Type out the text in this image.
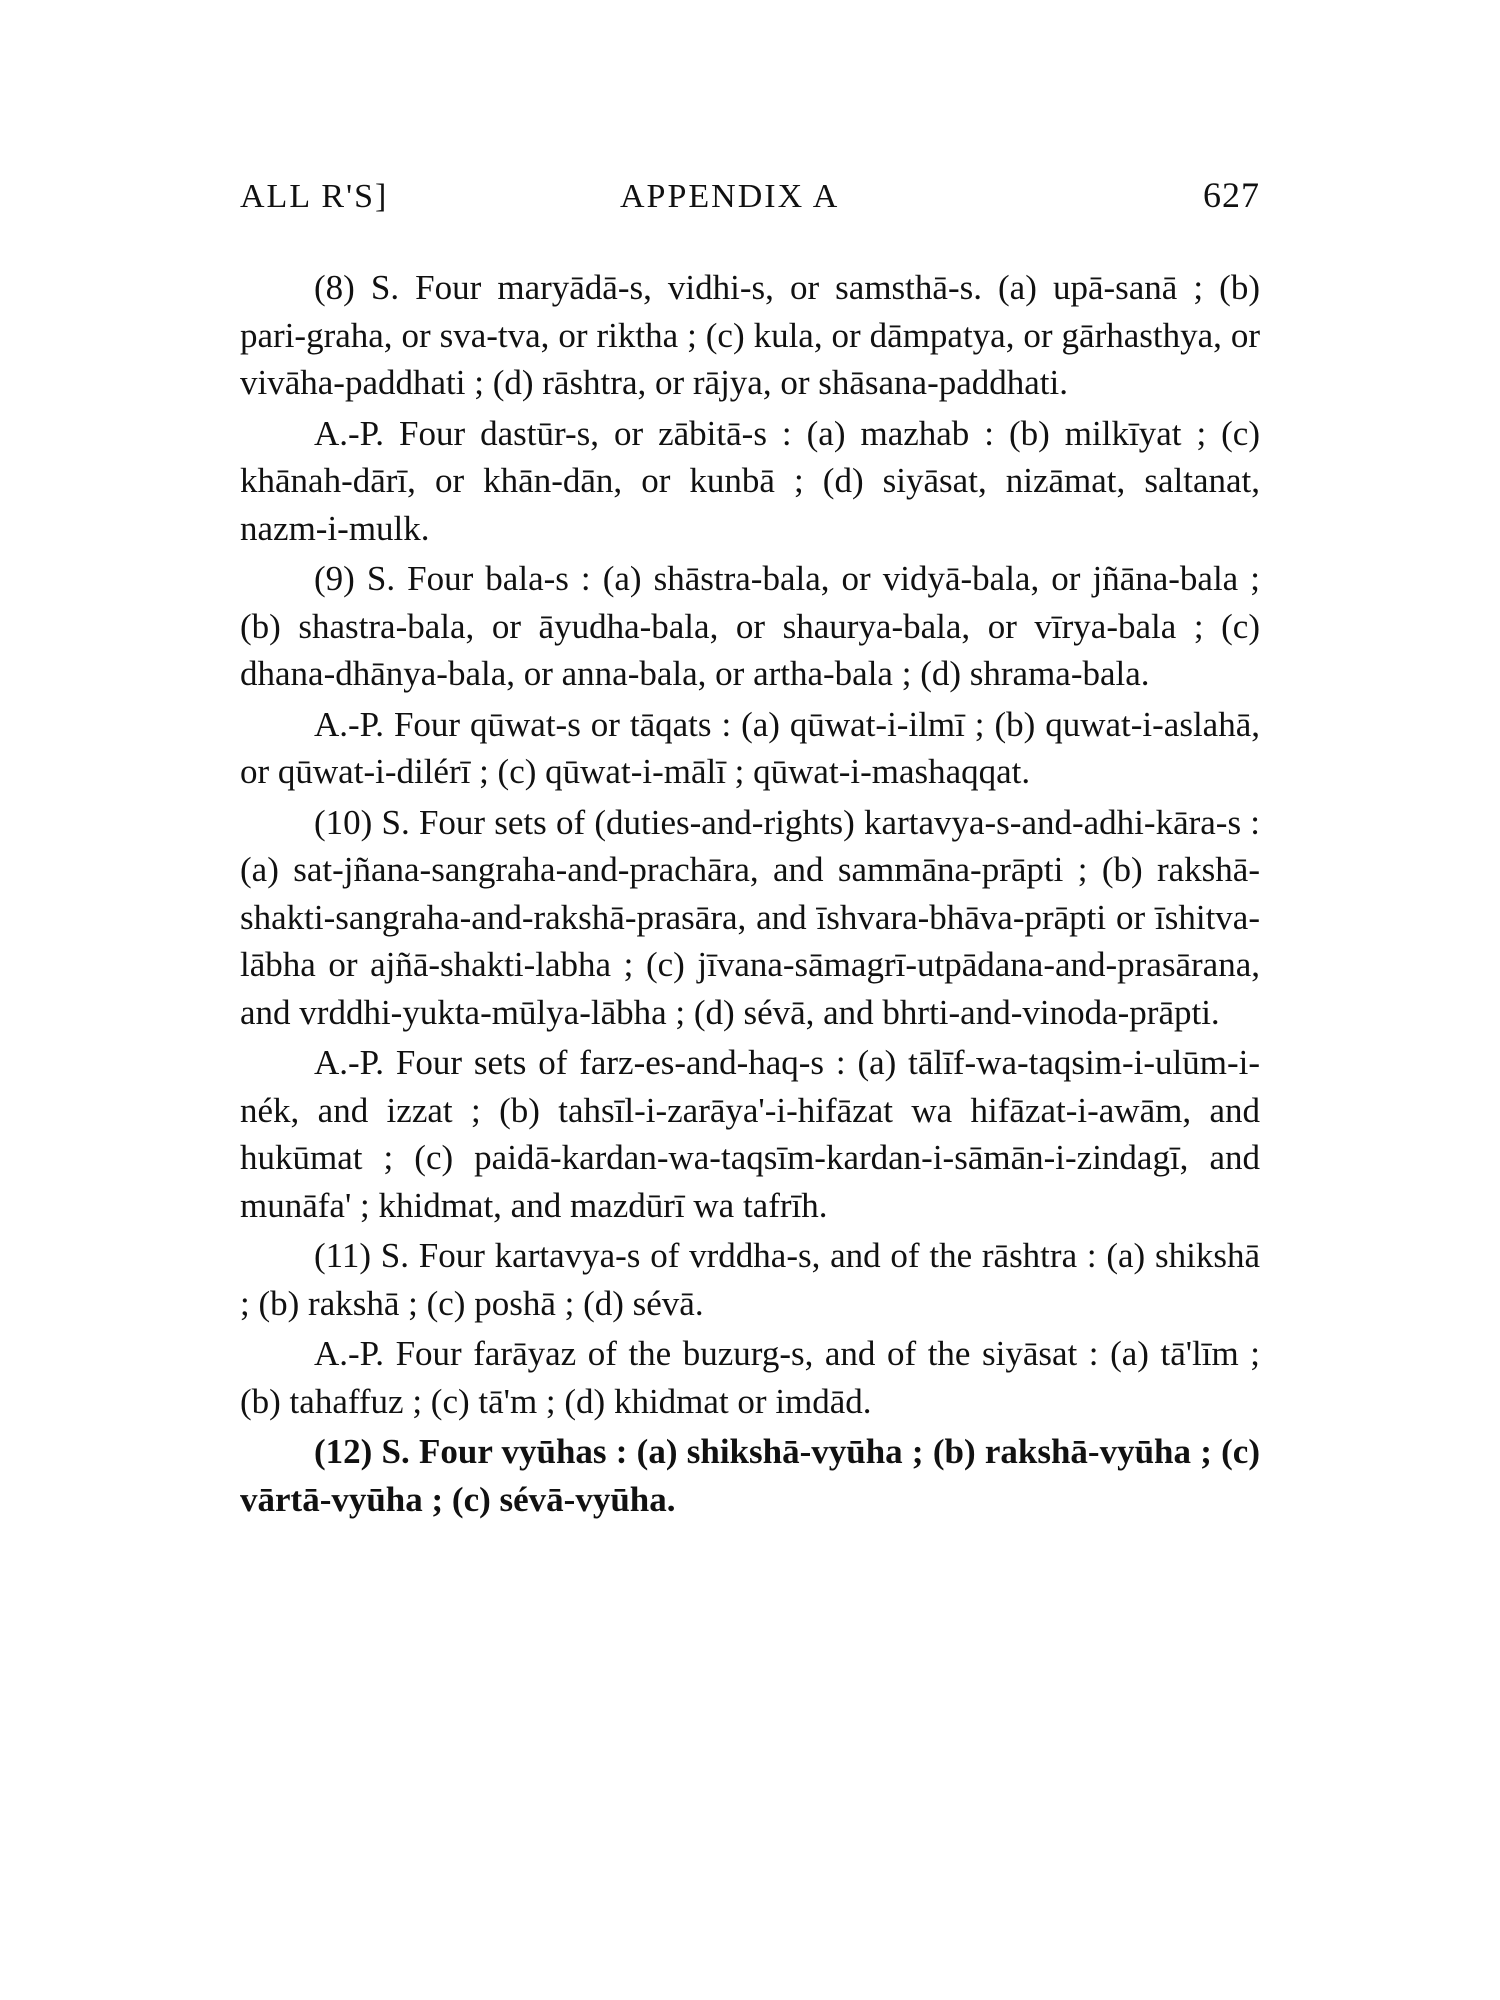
ALL R'S]	APPENDIX A	627

(8) S. Four maryādā-s, vidhi-s, or samsthā-s. (a) upā-sanā ; (b) pari-graha, or sva-tva, or riktha ; (c) kula, or dāmpatya, or gārhasthya, or vivāha-paddhati ; (d) rāshtra, or rājya, or shāsana-paddhati.

A.-P. Four dastūr-s, or zābitā-s : (a) mazhab : (b) milkīyat ; (c) khānah-dārī, or khān-dān, or kunbā ; (d) siyāsat, nizāmat, saltanat, nazm-i-mulk.

(9) S. Four bala-s : (a) shāstra-bala, or vidyā-bala, or jñāna-bala ; (b) shastra-bala, or āyudha-bala, or shaurya-bala, or vīrya-bala ; (c) dhana-dhānya-bala, or anna-bala, or artha-bala ; (d) shrama-bala.

A.-P. Four qūwat-s or tāqats : (a) qūwat-i-ilmī ; (b) quwat-i-aslahā, or qūwat-i-dilérī ; (c) qūwat-i-mālī ; qūwat-i-mashaqqat.

(10) S. Four sets of (duties-and-rights) kartavya-s-and-adhi-kāra-s : (a) sat-jñana-sangraha-and-prachāra, and sammāna-prāpti ; (b) rakshā-shakti-sangraha-and-rakshā-prasāra, and īshvara-bhāva-prāpti or īshitva-lābha or ajñā-shakti-labha ; (c) jīvana-sāmagrī-utpādana-and-prasārana, and vrddhi-yukta-mūlya-lābha ; (d) sévā, and bhrti-and-vinoda-prāpti.

A.-P. Four sets of farz-es-and-haq-s : (a) tālīf-wa-taqsim-i-ulūm-i-nék, and izzat ; (b) tahsīl-i-zarāya'-i-hifāzat wa hifāzat-i-awām, and hukūmat ; (c) paidā-kardan-wa-taqsīm-kardan-i-sāmān-i-zindagī, and munāfa' ; khidmat, and mazdūrī wa tafrīh.

(11) S. Four kartavya-s of vrddha-s, and of the rāshtra : (a) shikshā ; (b) rakshā ; (c) poshā ; (d) sévā.

A.-P. Four farāyaz of the buzurg-s, and of the siyāsat : (a) tā'līm ; (b) tahaffuz ; (c) tā'm ; (d) khidmat or imdād.

(12) S. Four vyūhas : (a) shikshā-vyūha ; (b) rakshā-vyūha ; (c) vārtā-vyūha ; (c) sévā-vyūha.
